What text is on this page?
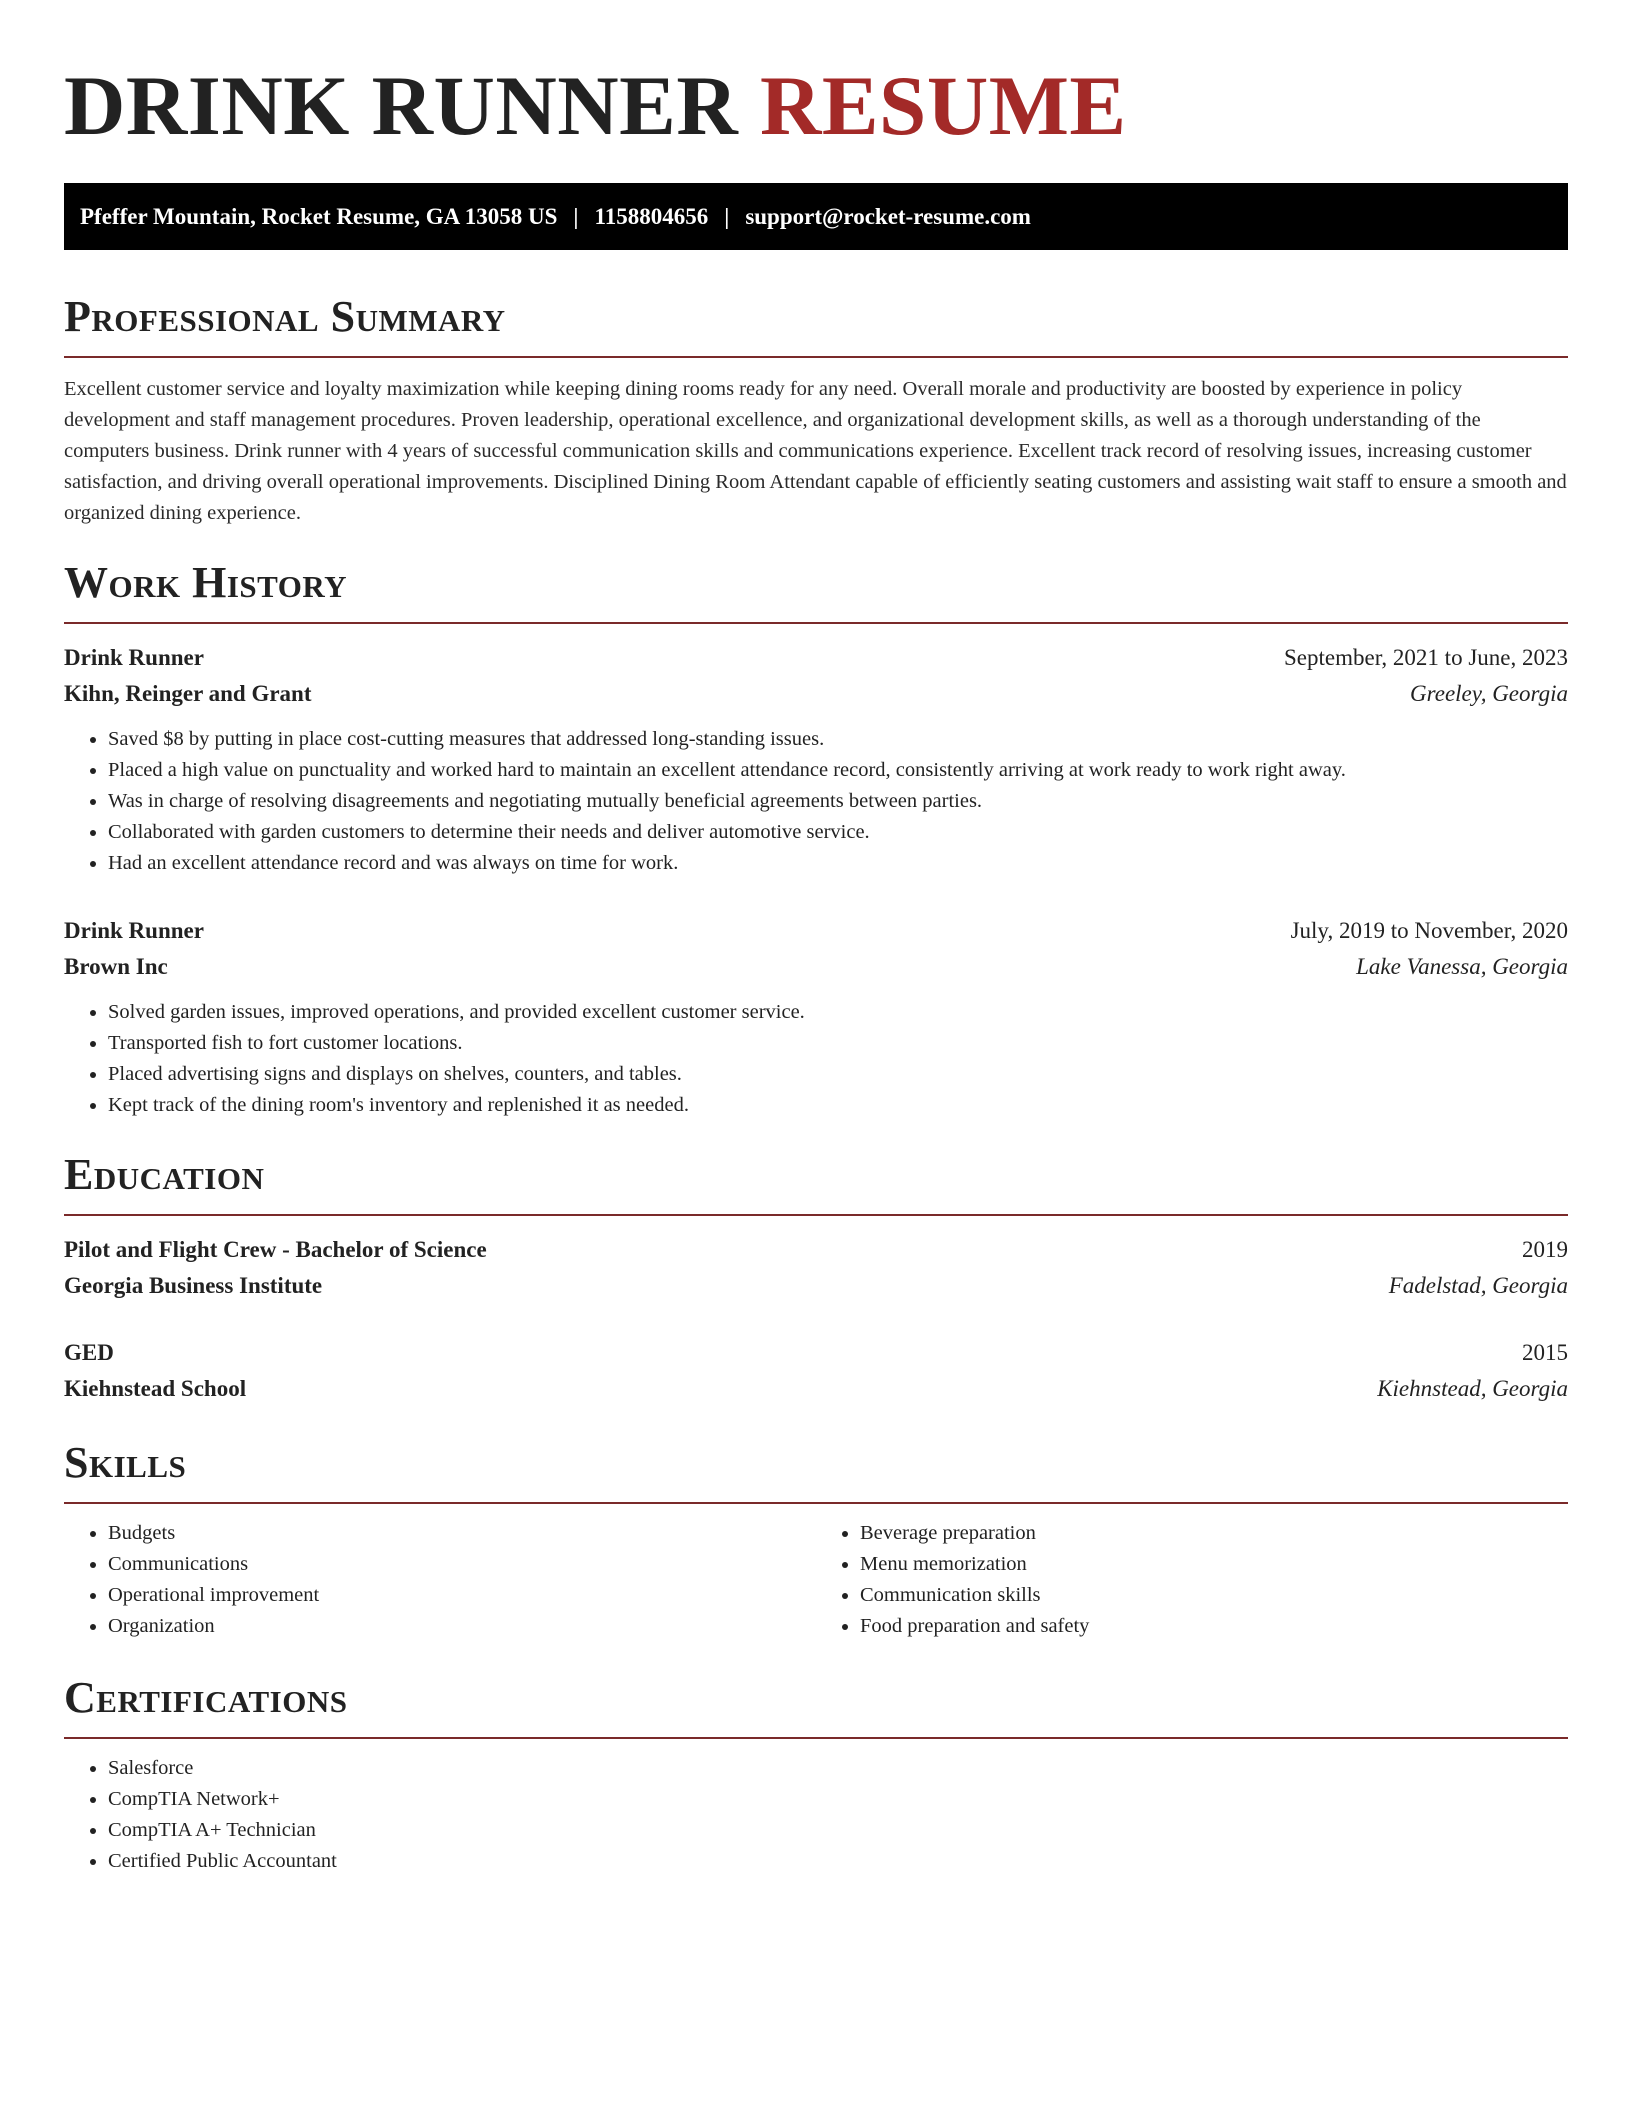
DRINK RUNNER RESUME
Pfeffer Mountain, Rocket Resume, GA 13058 US | 1158804656 | support@rocket-resume.com
Professional Summary

Excellent customer service and loyalty maximization while keeping dining rooms ready for any need. Overall morale and productivity are boosted by experience in policy development and staff management procedures. Proven leadership, operational excellence, and organizational development skills, as well as a thorough understanding of the computers business. Drink runner with 4 years of successful communication skills and communications experience. Excellent track record of resolving issues, increasing customer satisfaction, and driving overall operational improvements. Disciplined Dining Room Attendant capable of efficiently seating customers and assisting wait staff to ensure a smooth and organized dining experience.

Work History
Drink Runner	September, 2021 to June, 2023
Kihn, Reinger and Grant	Greeley, Georgia
• Saved $8 by putting in place cost-cutting measures that addressed long-standing issues.
• Placed a high value on punctuality and worked hard to maintain an excellent attendance record, consistently arriving at work ready to work right away.
• Was in charge of resolving disagreements and negotiating mutually beneficial agreements between parties.
• Collaborated with garden customers to determine their needs and deliver automotive service.
• Had an excellent attendance record and was always on time for work.
Drink Runner	July, 2019 to November, 2020
Brown Inc	Lake Vanessa, Georgia
• Solved garden issues, improved operations, and provided excellent customer service.
• Transported fish to fort customer locations.
• Placed advertising signs and displays on shelves, counters, and tables.
• Kept track of the dining room's inventory and replenished it as needed.
Education
Pilot and Flight Crew - Bachelor of Science	2019
Georgia Business Institute	Fadelstad, Georgia
GED	2015
Kiehnstead School	Kiehnstead, Georgia
Skills
• Budgets
• Communications
• Operational improvement
• Organization
• Beverage preparation
• Menu memorization
• Communication skills
• Food preparation and safety
Certifications
• Salesforce
• CompTIA Network+
• CompTIA A+ Technician
• Certified Public Accountant
